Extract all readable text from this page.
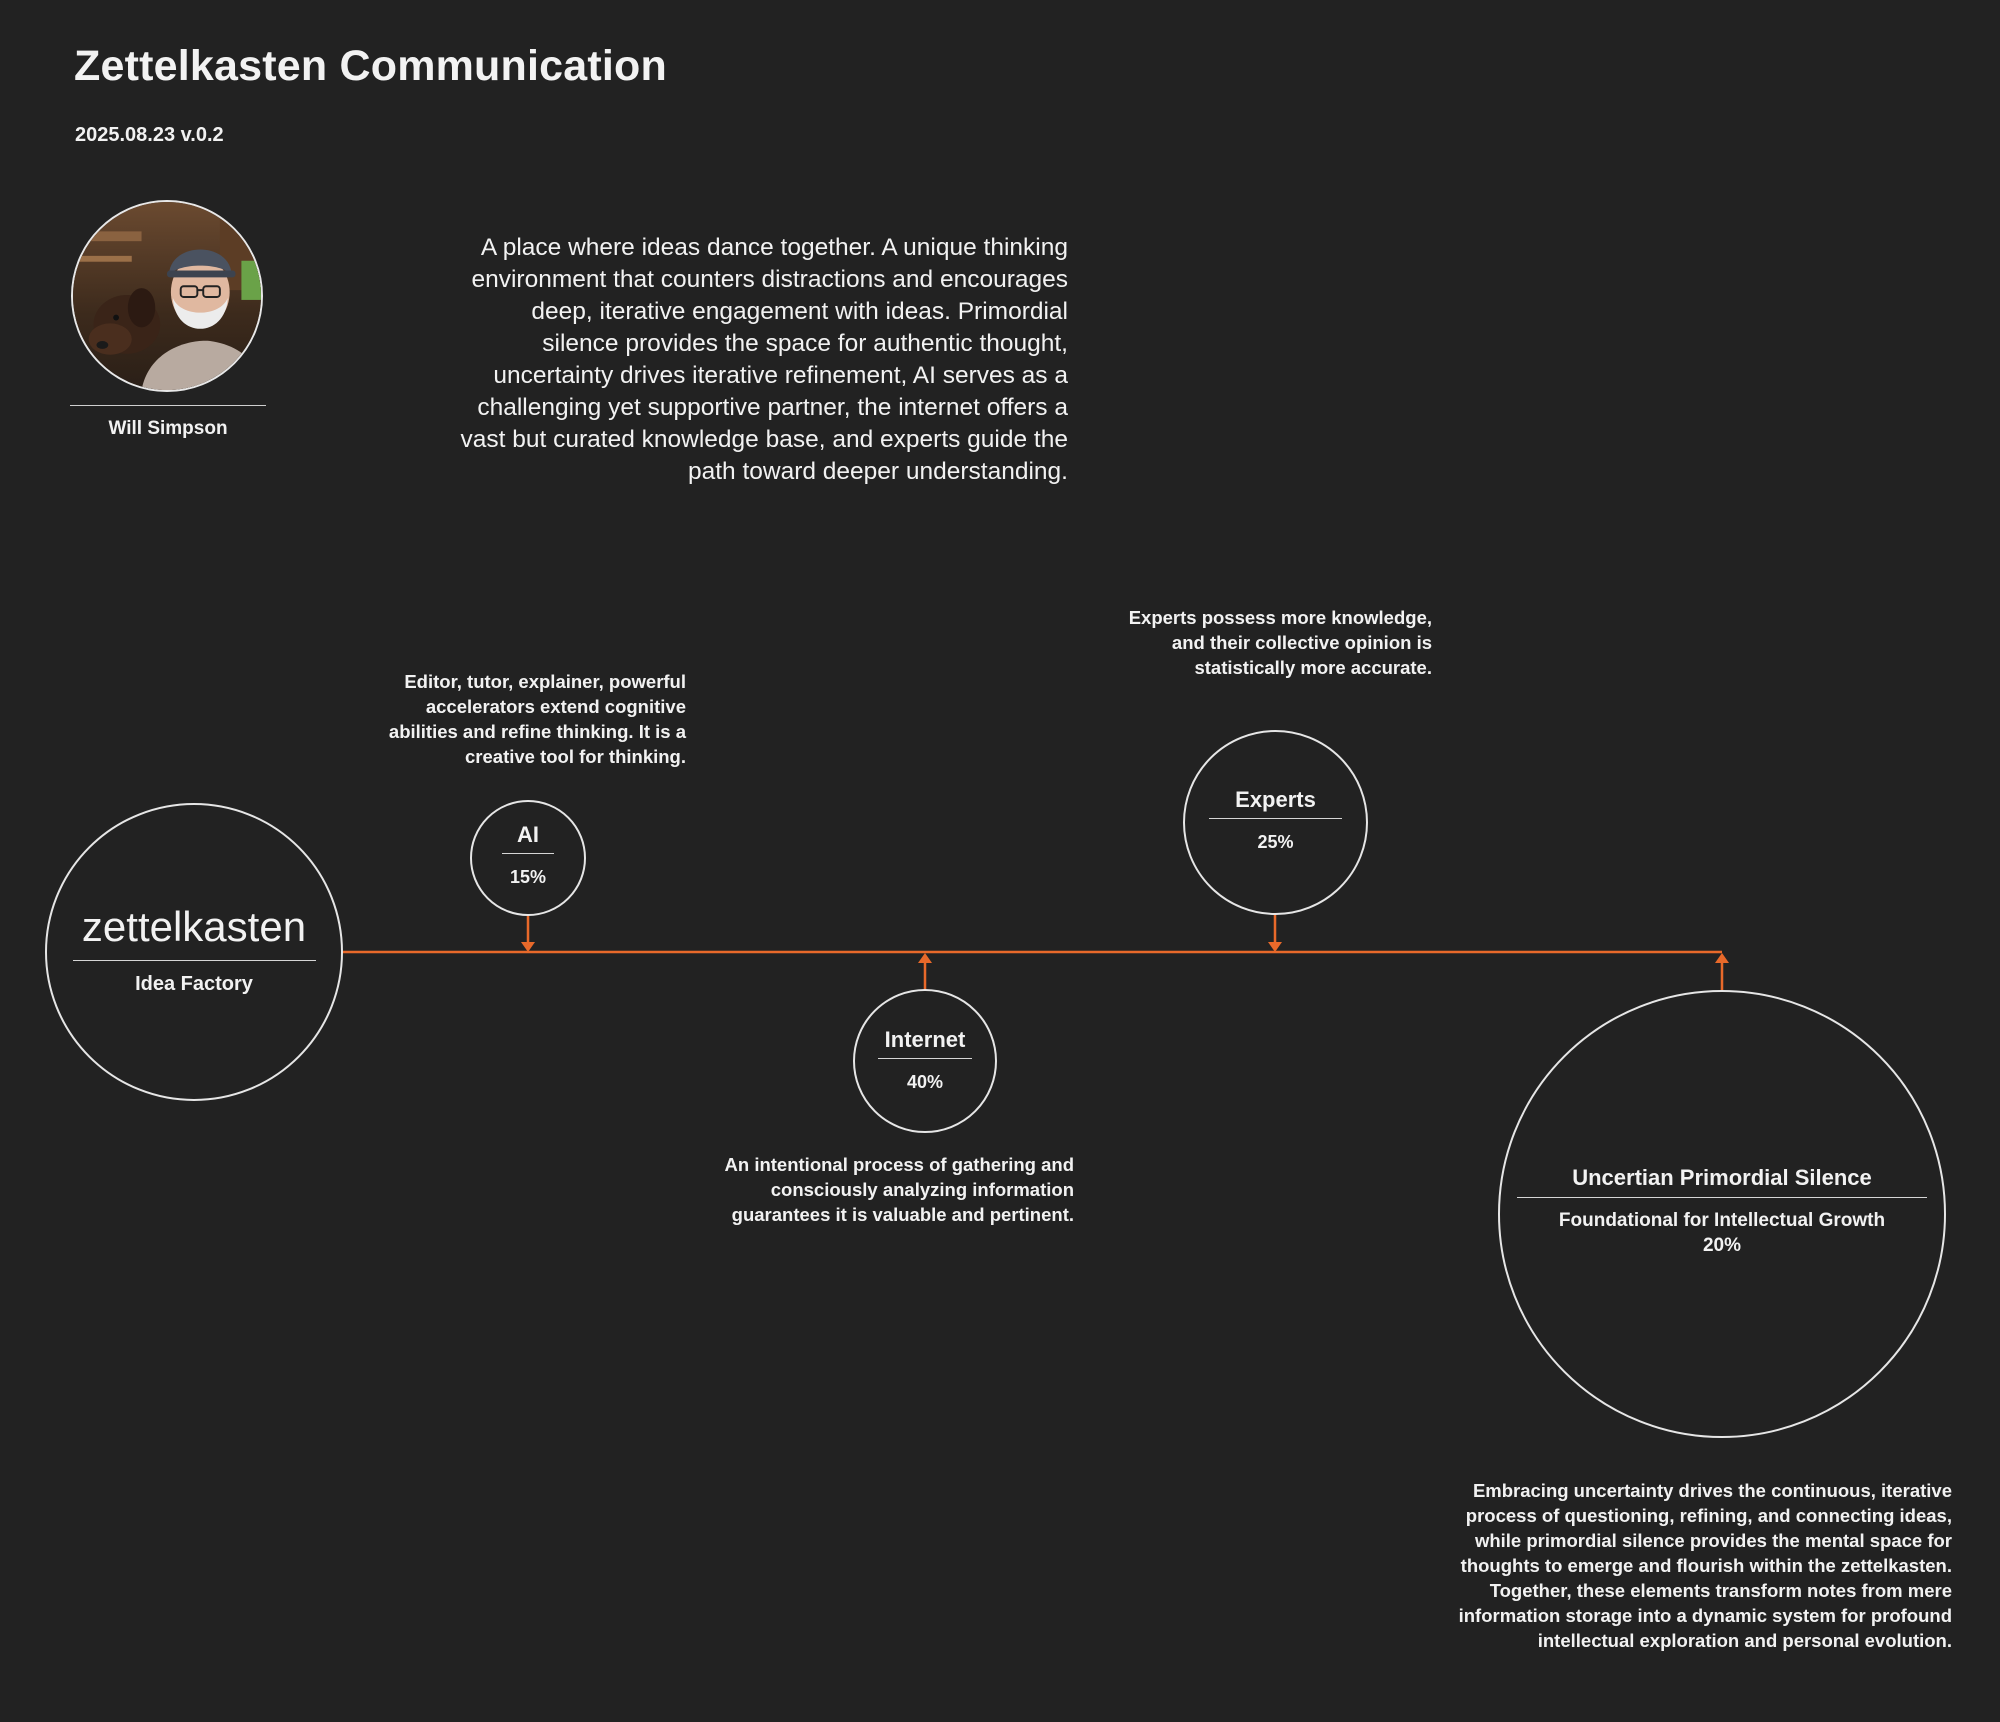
Zettelkasten Communication
2025.08.23 v.0.2
Will Simpson
A place where ideas dance together. A unique thinking environment that counters distractions and encourages deep, iterative engagement with ideas. Primordial silence provides the space for authentic thought, uncertainty drives iterative refinement, AI serves as a challenging yet supportive partner, the internet offers a vast but curated knowledge base, and experts guide the path toward deeper understanding.
zettelkasten
Idea Factory
Editor, tutor, explainer, powerful accelerators extend cognitive abilities and refine thinking. It is a creative tool for thinking.
AI
15%
Experts possess more knowledge, and their collective opinion is statistically more accurate.
Experts
25%
Internet
40%
An intentional process of gathering and consciously analyzing information guarantees it is valuable and pertinent.
Uncertian Primordial Silence
Foundational for Intellectual Growth
20%
Embracing uncertainty drives the continuous, iterative process of questioning, refining, and connecting ideas, while primordial silence provides the mental space for thoughts to emerge and flourish within the zettelkasten. Together, these elements transform notes from mere information storage into a dynamic system for profound intellectual exploration and personal evolution.
